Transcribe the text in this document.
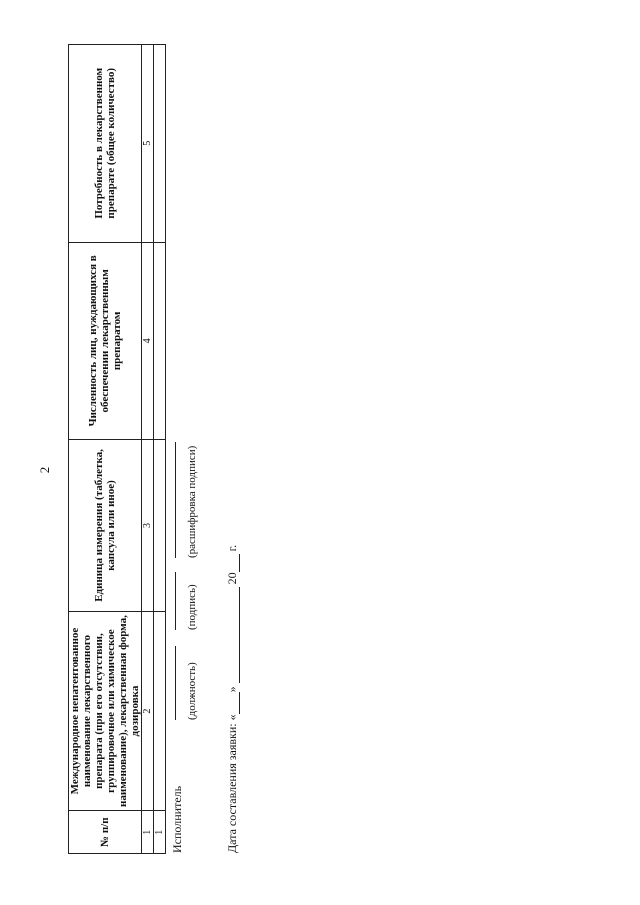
2
№ п/п	Международное непатентованное наименование лекарственного препарата (при его отсутствии, группировочное или химическое наименование), лекарственная форма, дозировка	Единица измерения (таблетка, капсула или иное)	Численность лиц, нуждающихся в обеспечении лекарственным препаратом	Потребность в лекарственном препарате (общее количество)
1	2	3	4	5
1				Исполнитель
(должность)
(подпись)
(расшифровка подписи)
Дата составления заявки: «»  20 г.
